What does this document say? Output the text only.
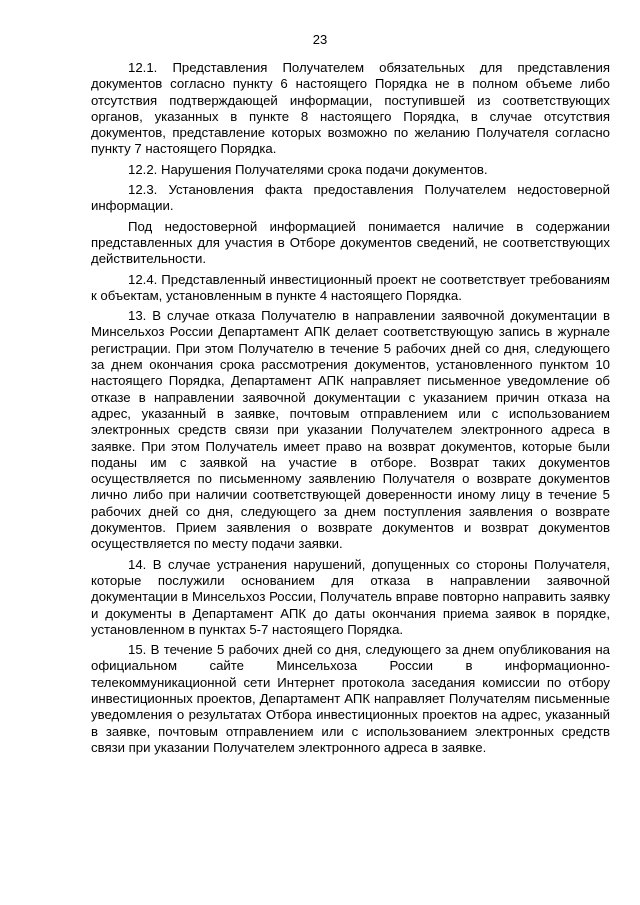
23

12.1. Представления Получателем обязательных для представления документов согласно пункту 6 настоящего Порядка не в полном объеме либо отсутствия подтверждающей информации, поступившей из соответствующих органов, указанных в пункте 8 настоящего Порядка, в случае отсутствия документов, представление которых возможно по желанию Получателя согласно пункту 7 настоящего Порядка.

12.2. Нарушения Получателями срока подачи документов.

12.3. Установления факта предоставления Получателем недостоверной информации.

Под недостоверной информацией понимается наличие в содержании представленных для участия в Отборе документов сведений, не соответствующих действительности.

12.4. Представленный инвестиционный проект не соответствует требованиям к объектам, установленным в пункте 4 настоящего Порядка.

13. В случае отказа Получателю в направлении заявочной документации в Минсельхоз России Департамент АПК делает соответствующую запись в журнале регистрации. При этом Получателю в течение 5 рабочих дней со дня, следующего за днем окончания срока рассмотрения документов, установленного пунктом 10 настоящего Порядка, Департамент АПК направляет письменное уведомление об отказе в направлении заявочной документации с указанием причин отказа на адрес, указанный в заявке, почтовым отправлением или с использованием электронных средств связи при указании Получателем электронного адреса в заявке. При этом Получатель имеет право на возврат документов, которые были поданы им с заявкой на участие в отборе. Возврат таких документов осуществляется по письменному заявлению Получателя о возврате документов лично либо при наличии соответствующей доверенности иному лицу в течение 5 рабочих дней со дня, следующего за днем поступления заявления о возврате документов. Прием заявления о возврате документов и возврат документов осуществляется по месту подачи заявки.

14. В случае устранения нарушений, допущенных со стороны Получателя, которые послужили основанием для отказа в направлении заявочной документации в Минсельхоз России, Получатель вправе повторно направить заявку и документы в Департамент АПК до даты окончания приема заявок в порядке, установленном в пунктах 5-7 настоящего Порядка.

15. В течение 5 рабочих дней со дня, следующего за днем опубликования на официальном сайте Минсельхоза России в информационно-телекоммуникационной сети Интернет протокола заседания комиссии по отбору инвестиционных проектов, Департамент АПК направляет Получателям письменные уведомления о результатах Отбора инвестиционных проектов на адрес, указанный в заявке, почтовым отправлением или с использованием электронных средств связи при указании Получателем электронного адреса в заявке.
